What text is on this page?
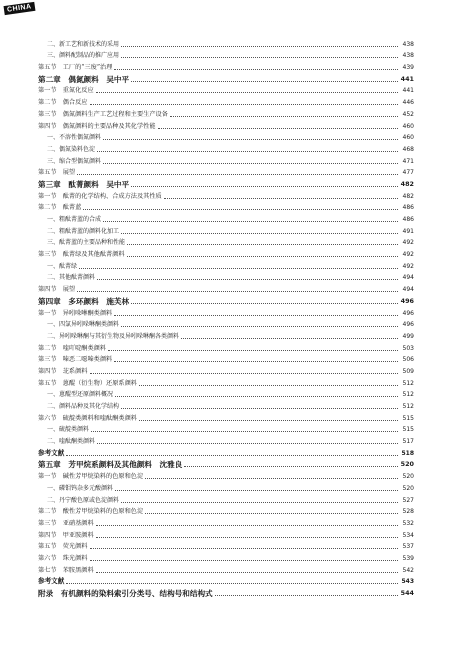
CHINA
二、新工艺和新技术的采用	438
三、颜料配制品的推广应用	438
第五节　工厂的“三废”治理	439
第二章　偶氮颜料　吴中平	441
第一节　重氮化反应	441
第二节　偶合反应	446
第三节　偶氮颜料生产工艺过程和主要生产设备	452
第四节　偶氮颜料的主要品种及其化学性能	460
一、不溶性偶氮颜料	460
二、偶氮染料色淀	468
三、缩合型偶氮颜料	471
第五节　展望	477
第三章　酞菁颜料　吴中平	482
第一节　酞菁的化学结构、合成方法及其性质	482
第二节　酞菁蓝	486
一、粗酞菁蓝的合成	486
二、粗酞菁蓝的颜料化加工	491
三、酞菁蓝的主要品种和性能	492
第三节　酞菁绿及其他酞菁颜料	492
一、酞菁绿	492
二、其他酞菁颜料	494
第四节　展望	494
第四章　多环颜料　施芙林	496
第一节　异吲哚啉酮类颜料	496
一、四氯异吲哚啉酮类颜料	496
二、异吲哚啉酮与其衍生物及异吲哚啉酮各类颜料	499
第二节　喹吖啶酮类颜料	503
第三节　嗪恶二噁嗪类颜料	506
第四节　苝系颜料	509
第五节　蒽醌（衍生物）还原系颜料	512
一、蒽醌型还原颜料概况	512
二、颜料品种及其化学结构	512
第六节　硫靛类颜料和喹酞酮类颜料	515
一、硫靛类颜料	515
二、喹酞酮类颜料	517
参考文献	518
第五章　芳甲烷系颜料及其他颜料　沈雅良	520
第一节　碱性芳甲烷染料的色原和色淀	520
一、磷钼钨杂多元酸颜料	520
二、丹宁酸色原或色淀颜料	527
第二节　酸性芳甲烷染料的色原和色淀	528
第三节　亚硝基颜料	532
第四节　甲亚胺颜料	534
第五节　荧光颜料	537
第六节　珠光颜料	539
第七节　苯胺黑颜料	542
参考文献	543
附录　有机颜料的染料索引分类号、结构号和结构式	544
